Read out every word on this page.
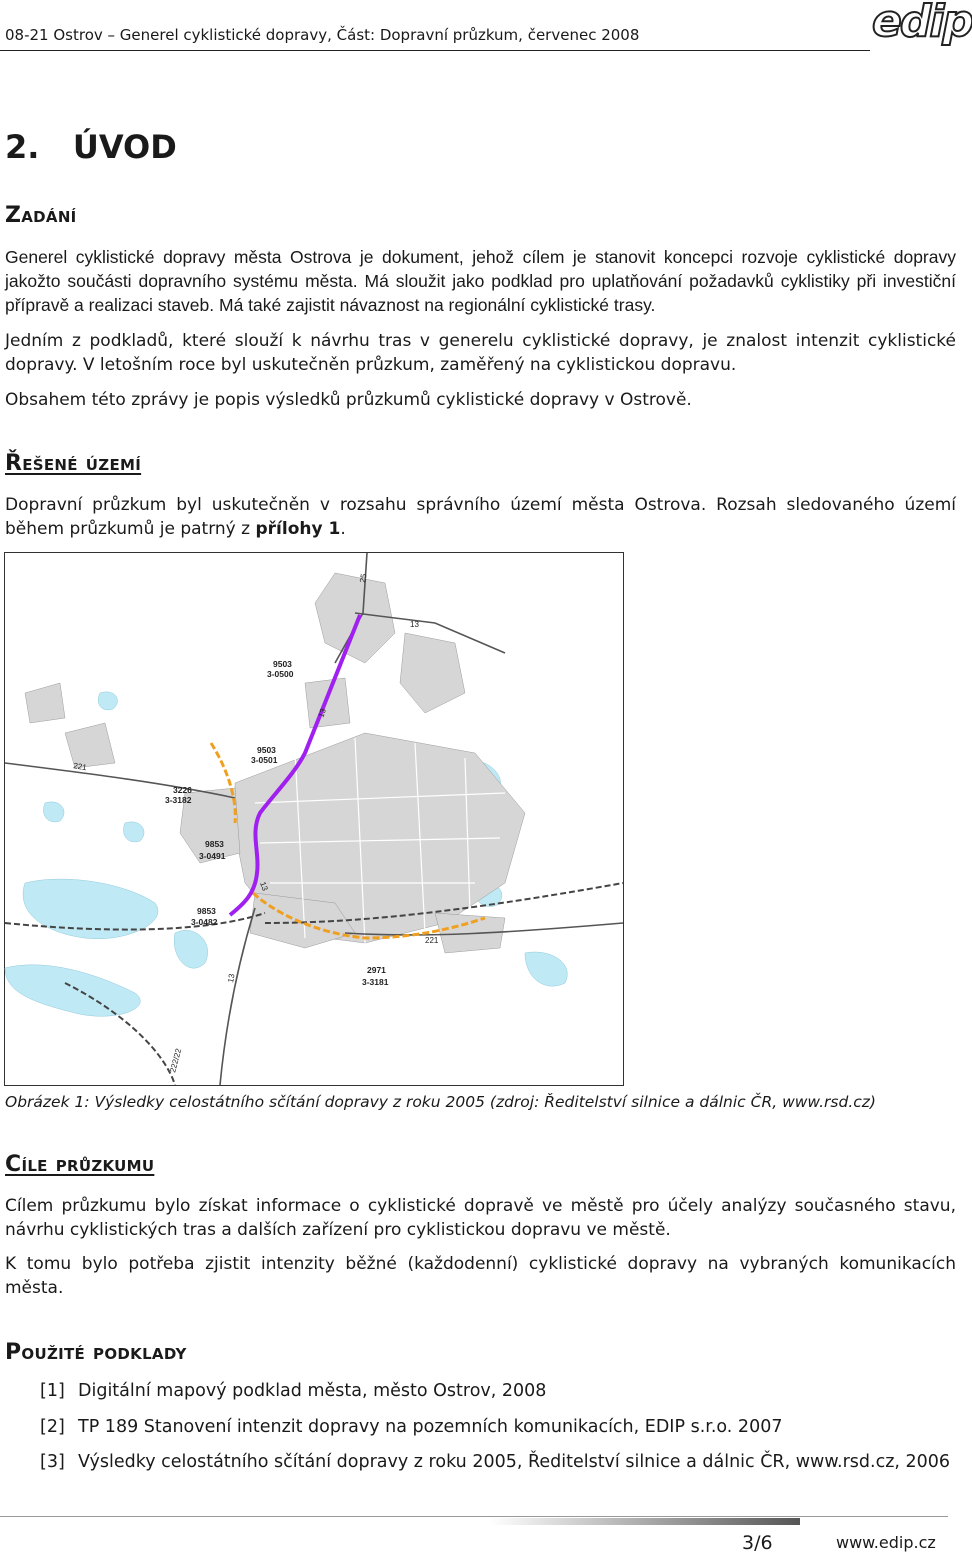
08-21 Ostrov – Generel cyklistické dopravy, Část: Dopravní průzkum, červenec 2008	edip
2.   ÚVOD
Zadání

Generel cyklistické dopravy města Ostrova je dokument, jehož cílem je stanovit koncepci rozvoje cyklistické dopravy jakožto součásti dopravního systému města. Má sloužit jako podklad pro uplatňování požadavků cyklistiky při investiční přípravě a realizaci staveb. Má také zajistit návaznost na regionální cyklistické trasy.

Jedním z podkladů, které slouží k návrhu tras v generelu cyklistické dopravy, je znalost intenzit cyklistické dopravy. V letošním roce byl uskutečněn průzkum, zaměřený na cyklistickou dopravu.

Obsahem této zprávy je popis výsledků průzkumů cyklistické dopravy v Ostrově.

Řešené území

Dopravní průzkum byl uskutečněn v rozsahu správního území města Ostrova. Rozsah sledovaného území během průzkumů je patrný z přílohy 1.

9503
3-0500
9503
3-0501
3226
3-3182
9853
3-0491
9853
3-0482
2971
3-3181
25
13
13
221
13
221
13
222/22
Obrázek 1: Výsledky celostátního sčítání dopravy z roku 2005 (zdroj: Ředitelství silnice a dálnic ČR, www.rsd.cz)
Cíle průzkumu

Cílem průzkumu bylo získat informace o cyklistické dopravě ve městě pro účely analýzy současného stavu, návrhu cyklistických tras a dalších zařízení pro cyklistickou dopravu ve městě.

K tomu bylo potřeba zjistit intenzity běžné (každodenní) cyklistické dopravy na vybraných komunikacích města.

Použité podklady
[1] Digitální mapový podklad města, město Ostrov, 2008
[2] TP 189 Stanovení intenzit dopravy na pozemních komunikacích, EDIP s.r.o. 2007
[3] Výsledky celostátního sčítání dopravy z roku 2005, Ředitelství silnice a dálnic ČR, www.rsd.cz, 2006
3/6	www.edip.cz
